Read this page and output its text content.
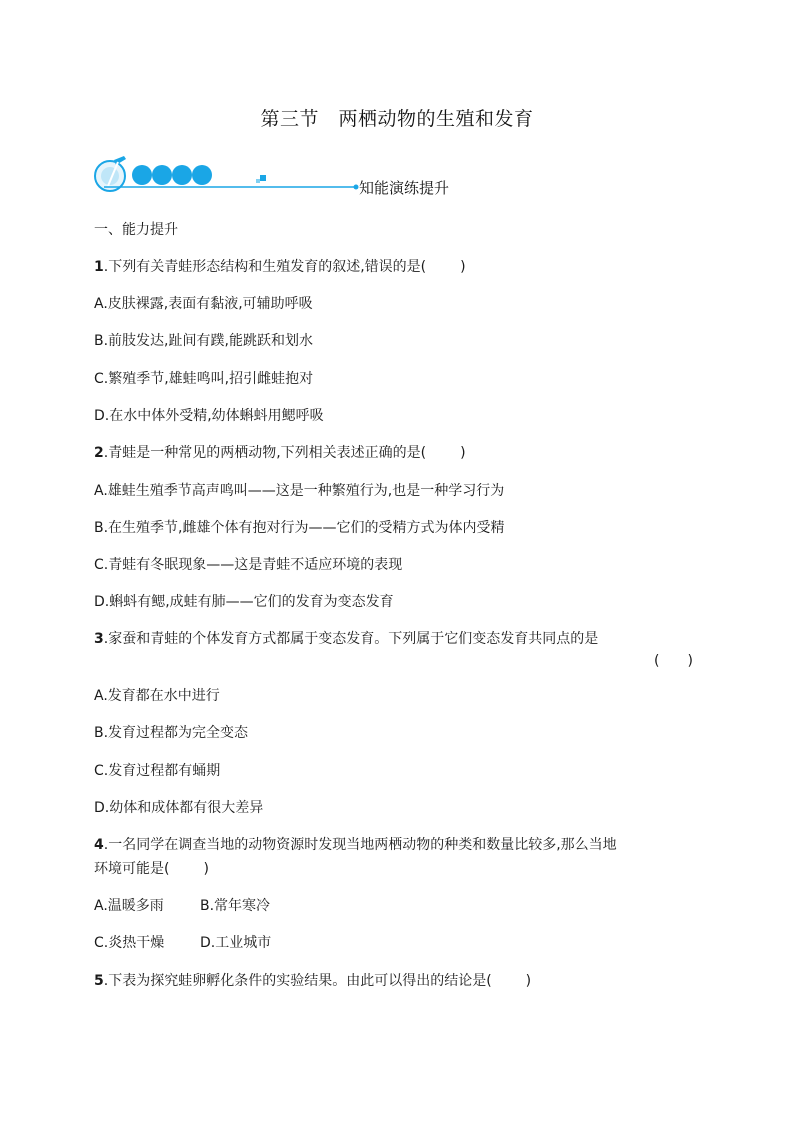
第三节　两栖动物的生殖和发育
知能演练提升
一、能力提升
1.下列有关青蛙形态结构和生殖发育的叙述,错误的是( )
A.皮肤裸露,表面有黏液,可辅助呼吸
B.前肢发达,趾间有蹼,能跳跃和划水
C.繁殖季节,雄蛙鸣叫,招引雌蛙抱对
D.在水中体外受精,幼体蝌蚪用鳃呼吸
2.青蛙是一种常见的两栖动物,下列相关表述正确的是( )
A.雄蛙生殖季节高声鸣叫——这是一种繁殖行为,也是一种学习行为
B.在生殖季节,雌雄个体有抱对行为——它们的受精方式为体内受精
C.青蛙有冬眠现象——这是青蛙不适应环境的表现
D.蝌蚪有鳃,成蛙有肺——它们的发育为变态发育
3.家蚕和青蛙的个体发育方式都属于变态发育。下列属于它们变态发育共同点的是
(　　)
A.发育都在水中进行
B.发育过程都为完全变态
C.发育过程都有蛹期
D.幼体和成体都有很大差异
4.一名同学在调查当地的动物资源时发现当地两栖动物的种类和数量比较多,那么当地
环境可能是( )
A.温暖多雨	B.常年寒冷
C.炎热干燥	D.工业城市
5.下表为探究蛙卵孵化条件的实验结果。由此可以得出的结论是( )
